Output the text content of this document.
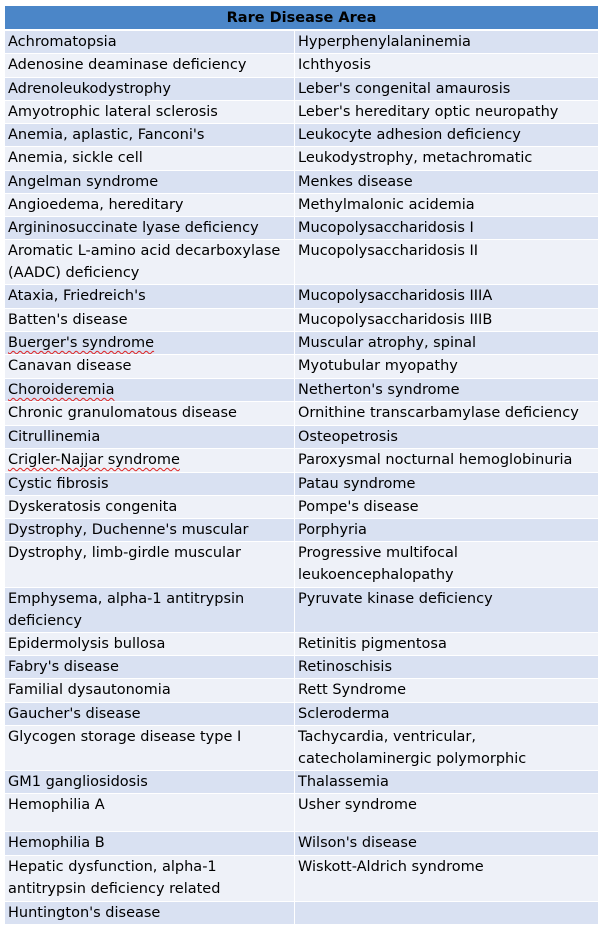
Rare Disease Area	
Achromatopsia	Hyperphenylalaninemia
Adenosine deaminase deficiency	Ichthyosis
Adrenoleukodystrophy	Leber's congenital amaurosis
Amyotrophic lateral sclerosis	Leber's hereditary optic neuropathy
Anemia, aplastic, Fanconi's	Leukocyte adhesion deficiency
Anemia, sickle cell	Leukodystrophy, metachromatic
Angelman syndrome	Menkes disease
Angioedema, hereditary	Methylmalonic acidemia
Argininosuccinate lyase deficiency	Mucopolysaccharidosis I
Aromatic L-amino acid decarboxylase (AADC) deficiency	Mucopolysaccharidosis II
Ataxia, Friedreich's	Mucopolysaccharidosis IIIA
Batten's disease	Mucopolysaccharidosis IIIB
Buerger's syndrome	Muscular atrophy, spinal
Canavan disease	Myotubular myopathy
Choroideremia	Netherton's syndrome
Chronic granulomatous disease	Ornithine transcarbamylase deficiency
Citrullinemia	Osteopetrosis
Crigler-Najjar syndrome	Paroxysmal nocturnal hemoglobinuria
Cystic fibrosis	Patau syndrome
Dyskeratosis congenita	Pompe's disease
Dystrophy, Duchenne's muscular	Porphyria
Dystrophy, limb-girdle muscular	Progressive multifocal leukoencephalopathy
Emphysema, alpha-1 antitrypsin deficiency	Pyruvate kinase deficiency
Epidermolysis bullosa	Retinitis pigmentosa
Fabry's disease	Retinoschisis
Familial dysautonomia	Rett Syndrome
Gaucher's disease	Scleroderma
Glycogen storage disease type I	Tachycardia, ventricular, catecholaminergic polymorphic
GM1 gangliosidosis	Thalassemia
Hemophilia A	Usher syndrome
Hemophilia B	Wilson's disease
Hepatic dysfunction, alpha-1 antitrypsin deficiency related	Wiskott-Aldrich syndrome
Huntington's disease	
